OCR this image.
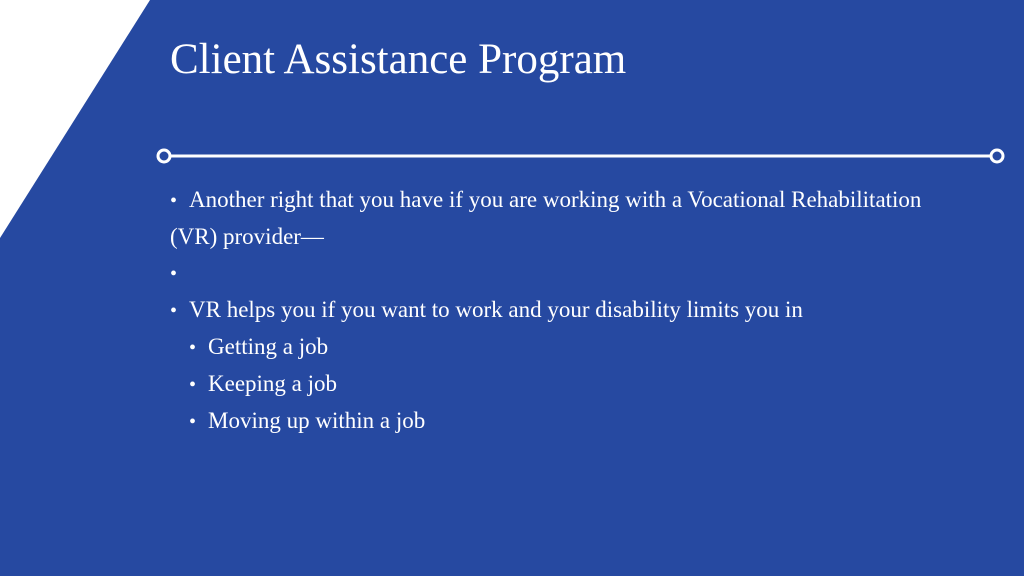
Client Assistance Program

• Another right that you have if you are working with a Vocational Rehabilitation (VR) provider—

•

• VR helps you if you want to work and your disability limits you in

• Getting a job

• Keeping a job

• Moving up within a job
